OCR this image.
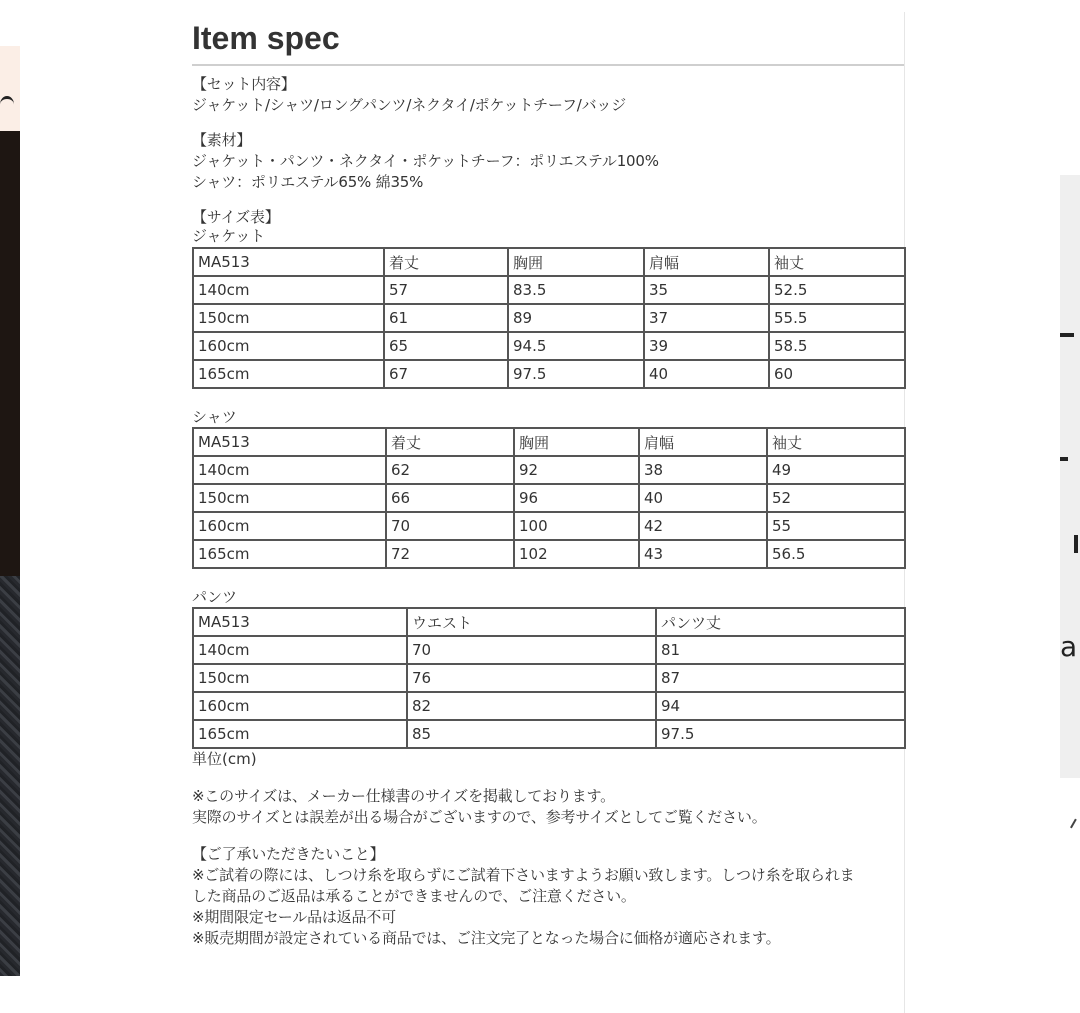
a
Item spec
【セット内容】
ジャケット/シャツ/ロングパンツ/ネクタイ/ポケットチーフ/バッジ
【素材】
ジャケット・パンツ・ネクタイ・ポケットチーフ：ポリエステル100%
シャツ：ポリエステル65% 綿35%
【サイズ表】
ジャケット
MA513	着丈	胸囲	肩幅	袖丈
140cm	57	83.5	35	52.5
150cm	61	89	37	55.5
160cm	65	94.5	39	58.5
165cm	67	97.5	40	60
シャツ
MA513	着丈	胸囲	肩幅	袖丈
140cm	62	92	38	49
150cm	66	96	40	52
160cm	70	100	42	55
165cm	72	102	43	56.5
パンツ
MA513	ウエスト	パンツ丈
140cm	70	81
150cm	76	87
160cm	82	94
165cm	85	97.5
単位(cm)
※このサイズは、メーカー仕様書のサイズを掲載しております。
実際のサイズとは誤差が出る場合がございますので、参考サイズとしてご覧ください。
【ご了承いただきたいこと】
※ご試着の際には、しつけ糸を取らずにご試着下さいますようお願い致します。しつけ糸を取られま
した商品のご返品は承ることができませんので、ご注意ください。
※期間限定セール品は返品不可
※販売期間が設定されている商品では、ご注文完了となった場合に価格が適応されます。
